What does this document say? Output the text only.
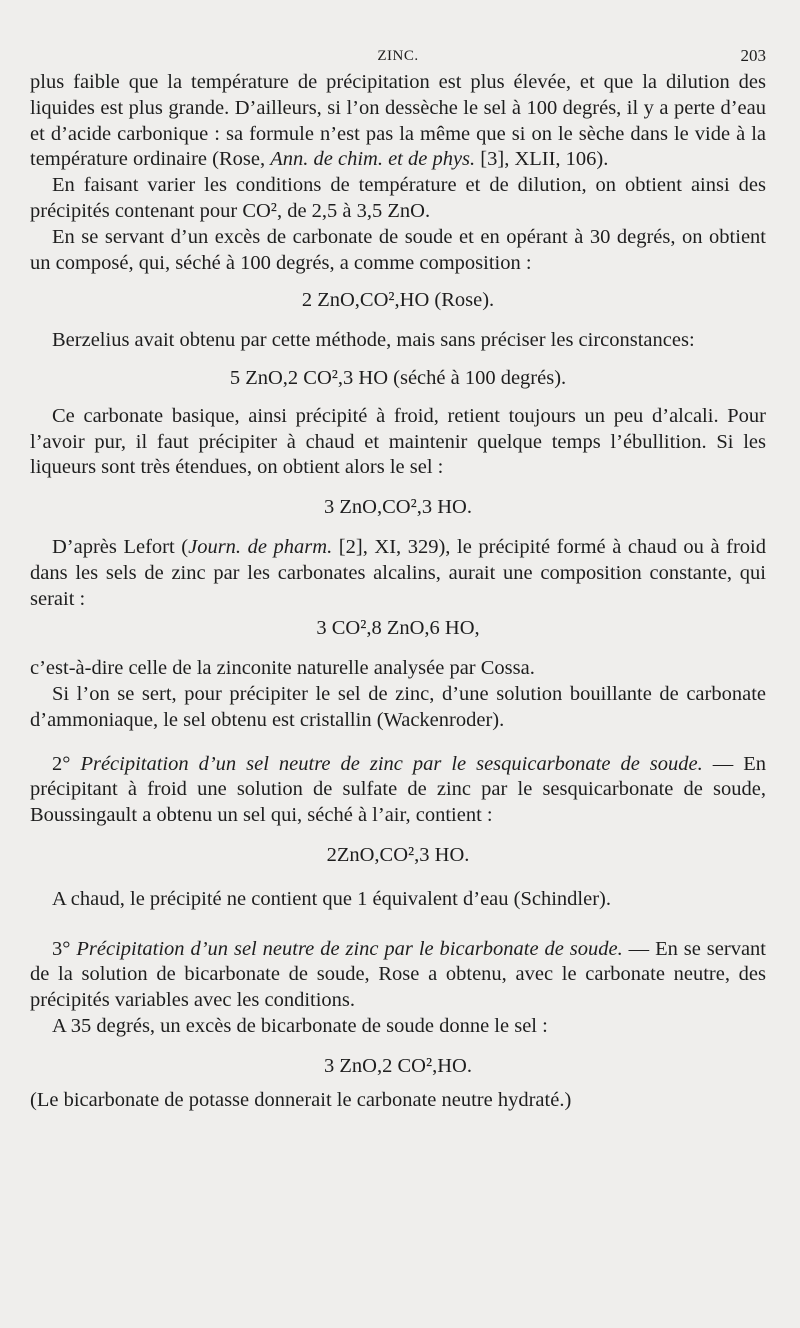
ZINC.	203

plus faible que la température de précipitation est plus élevée, et que la dilution des liquides est plus grande. D’ailleurs, si l’on dessèche le sel à 100 degrés, il y a perte d’eau et d’acide carbonique : sa formule n’est pas la même que si on le sèche dans le vide à la température ordinaire (Rose, Ann. de chim. et de phys. [3], XLII, 106).

En faisant varier les conditions de température et de dilution, on obtient ainsi des précipités contenant pour CO², de 2,5 à 3,5 ZnO.

En se servant d’un excès de carbonate de soude et en opérant à 30 degrés, on obtient un composé, qui, séché à 100 degrés, a comme composition :

2 ZnO,CO²,HO (Rose).

Berzelius avait obtenu par cette méthode, mais sans préciser les circonstances:

5 ZnO,2 CO²,3 HO (séché à 100 degrés).

Ce carbonate basique, ainsi précipité à froid, retient toujours un peu d’alcali. Pour l’avoir pur, il faut précipiter à chaud et maintenir quelque temps l’ébullition. Si les liqueurs sont très étendues, on obtient alors le sel :

3 ZnO,CO²,3 HO.

D’après Lefort (Journ. de pharm. [2], XI, 329), le précipité formé à chaud ou à froid dans les sels de zinc par les carbonates alcalins, aurait une composition constante, qui serait :

3 CO²,8 ZnO,6 HO,

c’est-à-dire celle de la zinconite naturelle analysée par Cossa.

Si l’on se sert, pour précipiter le sel de zinc, d’une solution bouillante de carbonate d’ammoniaque, le sel obtenu est cristallin (Wackenroder).

2° Précipitation d’un sel neutre de zinc par le sesquicarbonate de soude. — En précipitant à froid une solution de sulfate de zinc par le sesquicarbonate de soude, Boussingault a obtenu un sel qui, séché à l’air, contient :

2ZnO,CO²,3 HO.

A chaud, le précipité ne contient que 1 équivalent d’eau (Schindler).

3° Précipitation d’un sel neutre de zinc par le bicarbonate de soude. — En se servant de la solution de bicarbonate de soude, Rose a obtenu, avec le carbonate neutre, des précipités variables avec les conditions.

A 35 degrés, un excès de bicarbonate de soude donne le sel :

3 ZnO,2 CO²,HO.

(Le bicarbonate de potasse donnerait le carbonate neutre hydraté.)
